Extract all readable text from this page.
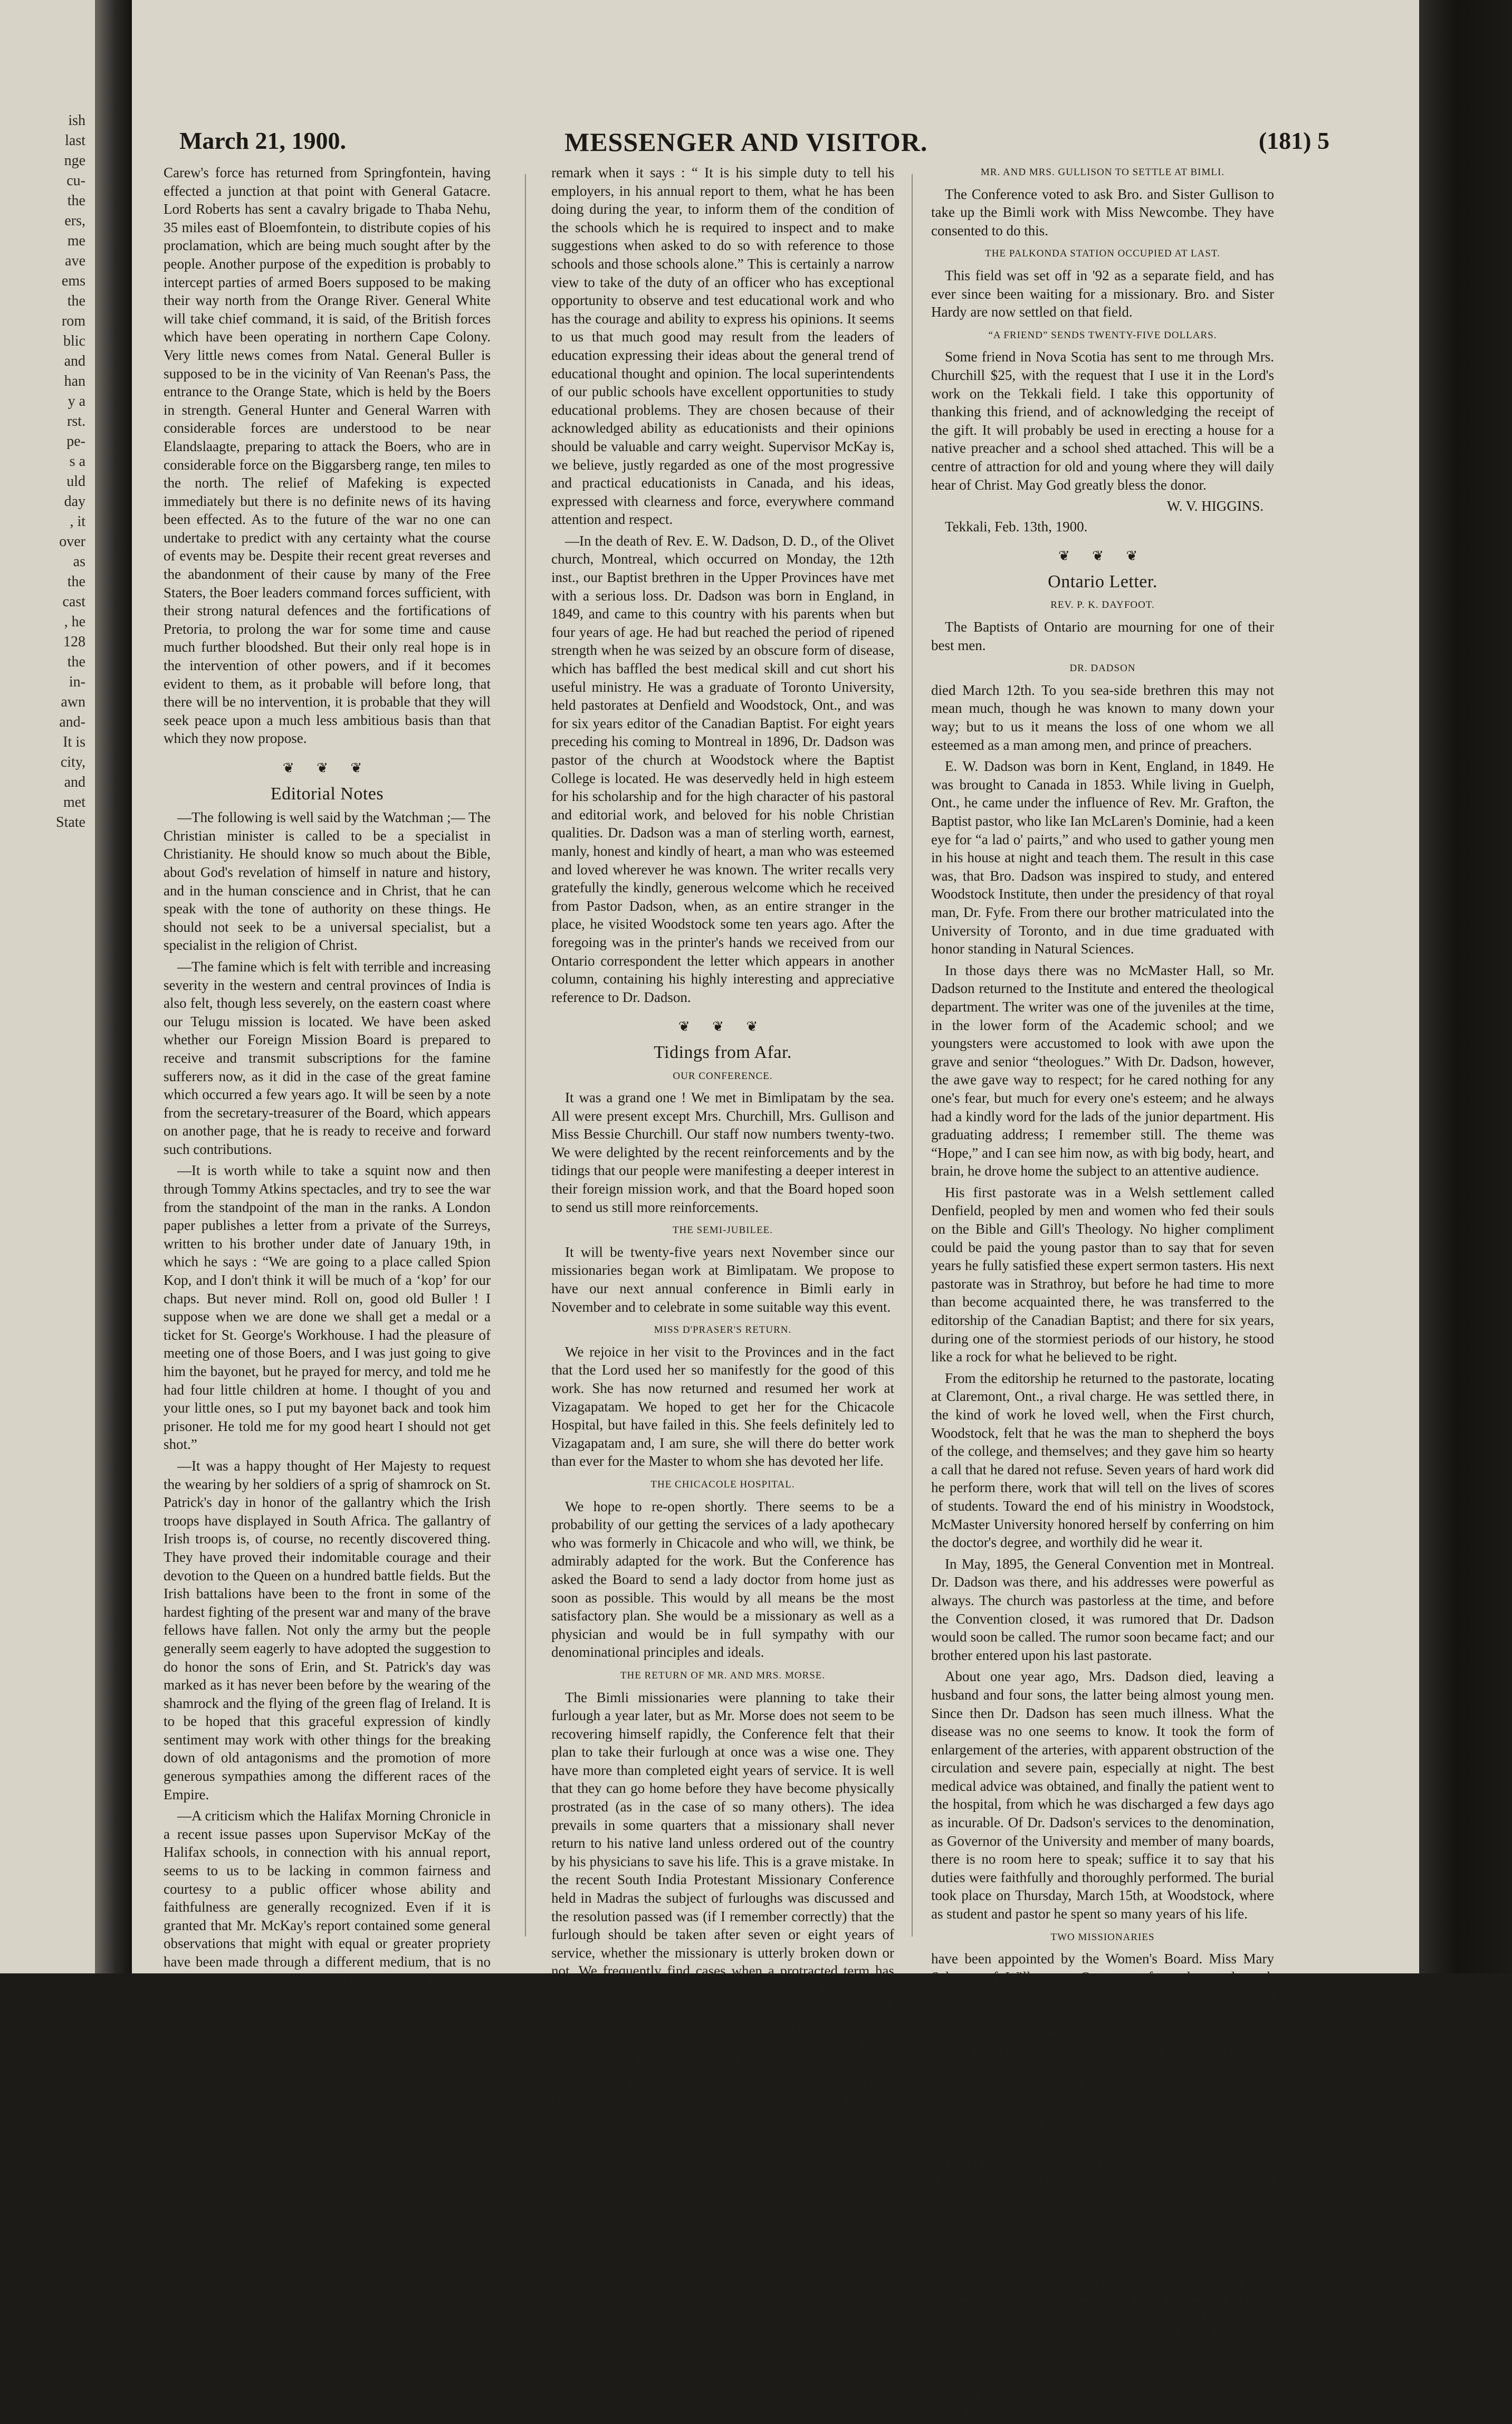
ish
last
nge
cu-
the
ers,
me
ave
ems
the
rom
blic
and
han
y a
rst.
pe-
s a
uld
day
, it
over
as
the
cast
, he
128
the
in-
awn
and-
It is
city,
and
met
State
March 21, 1900.	MESSENGER AND VISITOR.	(181) 5

Carew's force has returned from Springfontein, having effected a junction at that point with General Gatacre. Lord Roberts has sent a cavalry brigade to Thaba Nehu, 35 miles east of Bloemfontein, to distribute copies of his proclamation, which are being much sought after by the people. Another purpose of the expedition is probably to intercept parties of armed Boers supposed to be making their way north from the Orange River. General White will take chief command, it is said, of the British forces which have been operating in northern Cape Colony. Very little news comes from Natal. General Buller is supposed to be in the vicinity of Van Reenan's Pass, the entrance to the Orange State, which is held by the Boers in strength. General Hunter and General Warren with considerable forces are understood to be near Elandslaagte, preparing to attack the Boers, who are in considerable force on the Biggarsberg range, ten miles to the north. The relief of Mafeking is expected immediately but there is no definite news of its having been effected. As to the future of the war no one can undertake to predict with any certainty what the course of events may be. Despite their recent great reverses and the abandonment of their cause by many of the Free Staters, the Boer leaders command forces sufficient, with their strong natural defences and the fortifications of Pretoria, to prolong the war for some time and cause much further bloodshed. But their only real hope is in the intervention of other powers, and if it becomes evident to them, as it probable will before long, that there will be no intervention, it is probable that they will seek peace upon a much less ambitious basis than that which they now propose.

❦ ❦ ❦
Editorial Notes

—The following is well said by the Watchman ;— The Christian minister is called to be a specialist in Christianity. He should know so much about the Bible, about God's revelation of himself in nature and history, and in the human conscience and in Christ, that he can speak with the tone of authority on these things. He should not seek to be a universal specialist, but a specialist in the religion of Christ.

—The famine which is felt with terrible and increasing severity in the western and central provinces of India is also felt, though less severely, on the eastern coast where our Telugu mission is located. We have been asked whether our Foreign Mission Board is prepared to receive and transmit subscriptions for the famine sufferers now, as it did in the case of the great famine which occurred a few years ago. It will be seen by a note from the secretary-treasurer of the Board, which appears on another page, that he is ready to receive and forward such contributions.

—It is worth while to take a squint now and then through Tommy Atkins spectacles, and try to see the war from the standpoint of the man in the ranks. A London paper publishes a letter from a private of the Surreys, written to his brother under date of January 19th, in which he says : “We are going to a place called Spion Kop, and I don't think it will be much of a ‘kop’ for our chaps. But never mind. Roll on, good old Buller ! I suppose when we are done we shall get a medal or a ticket for St. George's Workhouse. I had the pleasure of meeting one of those Boers, and I was just going to give him the bayonet, but he prayed for mercy, and told me he had four little children at home. I thought of you and your little ones, so I put my bayonet back and took him prisoner. He told me for my good heart I should not get shot.”

—It was a happy thought of Her Majesty to request the wearing by her soldiers of a sprig of shamrock on St. Patrick's day in honor of the gallantry which the Irish troops have displayed in South Africa. The gallantry of Irish troops is, of course, no recently discovered thing. They have proved their indomitable courage and their devotion to the Queen on a hundred battle fields. But the Irish battalions have been to the front in some of the hardest fighting of the present war and many of the brave fellows have fallen. Not only the army but the people generally seem eagerly to have adopted the suggestion to do honor the sons of Erin, and St. Patrick's day was marked as it has never been before by the wearing of the shamrock and the flying of the green flag of Ireland. It is to be hoped that this graceful expression of kindly sentiment may work with other things for the breaking down of old antagonisms and the promotion of more generous sympathies among the different races of the Empire.

—A criticism which the Halifax Morning Chronicle in a recent issue passes upon Supervisor McKay of the Halifax schools, in connection with his annual report, seems to us to be lacking in common fairness and courtesy to a public officer whose ability and faithfulness are generally recognized. Even if it is granted that Mr. McKay's report contained some general observations that might with equal or greater propriety have been made through a different medium, that is no sufficient excuse for the Chronicle's offensive tone of

remark when it says : “ It is his simple duty to tell his employers, in his annual report to them, what he has been doing during the year, to inform them of the condition of the schools which he is required to inspect and to make suggestions when asked to do so with reference to those schools and those schools alone.” This is certainly a narrow view to take of the duty of an officer who has exceptional opportunity to observe and test educational work and who has the courage and ability to express his opinions. It seems to us that much good may result from the leaders of education expressing their ideas about the general trend of educational thought and opinion. The local superintendents of our public schools have excellent opportunities to study educational problems. They are chosen because of their acknowledged ability as educationists and their opinions should be valuable and carry weight. Supervisor McKay is, we believe, justly regarded as one of the most progressive and practical educationists in Canada, and his ideas, expressed with clearness and force, everywhere command attention and respect.

—In the death of Rev. E. W. Dadson, D. D., of the Olivet church, Montreal, which occurred on Monday, the 12th inst., our Baptist brethren in the Upper Provinces have met with a serious loss. Dr. Dadson was born in England, in 1849, and came to this country with his parents when but four years of age. He had but reached the period of ripened strength when he was seized by an obscure form of disease, which has baffled the best medical skill and cut short his useful ministry. He was a graduate of Toronto University, held pastorates at Denfield and Woodstock, Ont., and was for six years editor of the Canadian Baptist. For eight years preceding his coming to Montreal in 1896, Dr. Dadson was pastor of the church at Woodstock where the Baptist College is located. He was deservedly held in high esteem for his scholarship and for the high character of his pastoral and editorial work, and beloved for his noble Christian qualities. Dr. Dadson was a man of sterling worth, earnest, manly, honest and kindly of heart, a man who was esteemed and loved wherever he was known. The writer recalls very gratefully the kindly, generous welcome which he received from Pastor Dadson, when, as an entire stranger in the place, he visited Woodstock some ten years ago. After the foregoing was in the printer's hands we received from our Ontario correspondent the letter which appears in another column, containing his highly interesting and appreciative reference to Dr. Dadson.

❦ ❦ ❦
Tidings from Afar.
OUR CONFERENCE.

It was a grand one ! We met in Bimlipatam by the sea. All were present except Mrs. Churchill, Mrs. Gullison and Miss Bessie Churchill. Our staff now numbers twenty-two. We were delighted by the recent reinforcements and by the tidings that our people were manifesting a deeper interest in their foreign mission work, and that the Board hoped soon to send us still more reinforcements.

THE SEMI-JUBILEE.

It will be twenty-five years next November since our missionaries began work at Bimlipatam. We propose to have our next annual conference in Bimli early in November and to celebrate in some suitable way this event.

MISS D'PRASER'S RETURN.

We rejoice in her visit to the Provinces and in the fact that the Lord used her so manifestly for the good of this work. She has now returned and resumed her work at Vizagapatam. We hoped to get her for the Chicacole Hospital, but have failed in this. She feels definitely led to Vizagapatam and, I am sure, she will there do better work than ever for the Master to whom she has devoted her life.

THE CHICACOLE HOSPITAL.

We hope to re-open shortly. There seems to be a probability of our getting the services of a lady apothecary who was formerly in Chicacole and who will, we think, be admirably adapted for the work. But the Conference has asked the Board to send a lady doctor from home just as soon as possible. This would by all means be the most satisfactory plan. She would be a missionary as well as a physician and would be in full sympathy with our denominational principles and ideals.

THE RETURN OF MR. AND MRS. MORSE.

The Bimli missionaries were planning to take their furlough a year later, but as Mr. Morse does not seem to be recovering himself rapidly, the Conference felt that their plan to take their furlough at once was a wise one. They have more than completed eight years of service. It is well that they can go home before they have become physically prostrated (as in the case of so many others). The idea prevails in some quarters that a missionary shall never return to his native land unless ordered out of the country by his physicians to save his life. This is a grave mistake. In the recent South India Protestant Missionary Conference held in Madras the subject of furloughs was discussed and the resolution passed was (if I remember correctly) that the furlough should be taken after seven or eight years of service, whether the missionary is utterly broken down or not. We frequently find cases when a protracted term has resulted in a permanently shattered condition of health. Such a missionary will return after furlough to drag through another term only able to do about half what he ought to do. Moreover a broken down missionary cannot render to the home side of the work during his furlough that important service which he ought to be able to perform. The home churches need the returned missionary and his message. They not only need him but they need the best he can give them.

MR. AND MRS. GULLISON TO SETTLE AT BIMLI.

The Conference voted to ask Bro. and Sister Gullison to take up the Bimli work with Miss Newcombe. They have consented to do this.

THE PALKONDA STATION OCCUPIED AT LAST.

This field was set off in '92 as a separate field, and has ever since been waiting for a missionary. Bro. and Sister Hardy are now settled on that field.

“A FRIEND” SENDS TWENTY-FIVE DOLLARS.

Some friend in Nova Scotia has sent to me through Mrs. Churchill $25, with the request that I use it in the Lord's work on the Tekkali field. I take this opportunity of thanking this friend, and of acknowledging the receipt of the gift. It will probably be used in erecting a house for a native preacher and a school shed attached. This will be a centre of attraction for old and young where they will daily hear of Christ. May God greatly bless the donor.

W. V. HIGGINS.

Tekkali, Feb. 13th, 1900.

❦ ❦ ❦
Ontario Letter.
REV. P. K. DAYFOOT.

The Baptists of Ontario are mourning for one of their best men.

DR. DADSON

died March 12th. To you sea-side brethren this may not mean much, though he was known to many down your way; but to us it means the loss of one whom we all esteemed as a man among men, and prince of preachers.

E. W. Dadson was born in Kent, England, in 1849. He was brought to Canada in 1853. While living in Guelph, Ont., he came under the influence of Rev. Mr. Grafton, the Baptist pastor, who like Ian McLaren's Dominie, had a keen eye for “a lad o' pairts,” and who used to gather young men in his house at night and teach them. The result in this case was, that Bro. Dadson was inspired to study, and entered Woodstock Institute, then under the presidency of that royal man, Dr. Fyfe. From there our brother matriculated into the University of Toronto, and in due time graduated with honor standing in Natural Sciences.

In those days there was no McMaster Hall, so Mr. Dadson returned to the Institute and entered the theological department. The writer was one of the juveniles at the time, in the lower form of the Academic school; and we youngsters were accustomed to look with awe upon the grave and senior “theologues.” With Dr. Dadson, however, the awe gave way to respect; for he cared nothing for any one's fear, but much for every one's esteem; and he always had a kindly word for the lads of the junior department. His graduating address; I remember still. The theme was “Hope,” and I can see him now, as with big body, heart, and brain, he drove home the subject to an attentive audience.

His first pastorate was in a Welsh settlement called Denfield, peopled by men and women who fed their souls on the Bible and Gill's Theology. No higher compliment could be paid the young pastor than to say that for seven years he fully satisfied these expert sermon tasters. His next pastorate was in Strathroy, but before he had time to more than become acquainted there, he was transferred to the editorship of the Canadian Baptist; and there for six years, during one of the stormiest periods of our history, he stood like a rock for what he believed to be right.

From the editorship he returned to the pastorate, locating at Claremont, Ont., a rival charge. He was settled there, in the kind of work he loved well, when the First church, Woodstock, felt that he was the man to shepherd the boys of the college, and themselves; and they gave him so hearty a call that he dared not refuse. Seven years of hard work did he perform there, work that will tell on the lives of scores of students. Toward the end of his ministry in Woodstock, McMaster University honored herself by conferring on him the doctor's degree, and worthily did he wear it.

In May, 1895, the General Convention met in Montreal. Dr. Dadson was there, and his addresses were powerful as always. The church was pastorless at the time, and before the Convention closed, it was rumored that Dr. Dadson would soon be called. The rumor soon became fact; and our brother entered upon his last pastorate.

About one year ago, Mrs. Dadson died, leaving a husband and four sons, the latter being almost young men. Since then Dr. Dadson has seen much illness. What the disease was no one seems to know. It took the form of enlargement of the arteries, with apparent obstruction of the circulation and severe pain, especially at night. The best medical advice was obtained, and finally the patient went to the hospital, from which he was discharged a few days ago as incurable. Of Dr. Dadson's services to the denomination, as Governor of the University and member of many boards, there is no room here to speak; suffice it to say that his duties were faithfully and thoroughly performed. The burial took place on Thursday, March 15th, at Woodstock, where as student and pastor he spent so many years of his life.

TWO MISSIONARIES

have been appointed by the Women's Board. Miss Mary Salman, of Wilkesport, Ont., was formerly a telegraph operator and post office clerk. She has long been interested in missions, and was once directress of the Western Association. She spent one year in the Baptist Training school in Chicago, and two years in the Chicago Hospital. She is now nursing and saving money to complete the Training School course. She will go in the autumn to India, replacing Miss Stovel, now Mrs. McLeod.

Dr. Gertrude Hulet was educated in the Collegiate Institute at Woodstock, and then graduated at the Toronto School of Medicine. She has been a practicing physician for three years, and will go to India as soon as funds will permit. In the meantime she will take a course in the Toronto Bible Training School.

OBITER.

Dr. Justin D. Fulton, once pastor at Tremont Temple, Boston Mass., later an evangelist among the French in Quebec Province, has been in Toronto several weeks, helping in special meetings at College St. and Dover Court Road. He is a mighty preacher, and much good has been done.

Grace St. church, Montreal, has called Rev. S. Sheldon, of Barrie.

Pt. Hope, Ont.
